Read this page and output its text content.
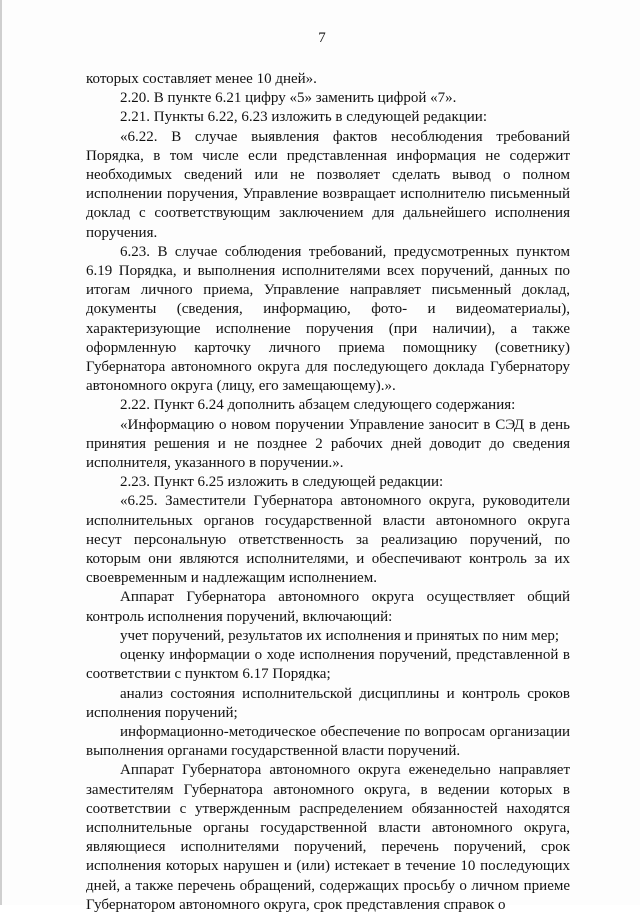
7

которых составляет менее 10 дней».

2.20. В пункте 6.21 цифру «5» заменить цифрой «7».

2.21. Пункты 6.22, 6.23 изложить в следующей редакции:

«6.22. В случае выявления фактов несоблюдения требований Порядка, в том числе если представленная информация не содержит необходимых сведений или не позволяет сделать вывод о полном исполнении поручения, Управление возвращает исполнителю письменный доклад с соответствующим заключением для дальнейшего исполнения поручения.

6.23. В случае соблюдения требований, предусмотренных пунктом 6.19 Порядка, и выполнения исполнителями всех поручений, данных по итогам личного приема, Управление направляет письменный доклад, документы (сведения, информацию, фото- и видеоматериалы), характеризующие исполнение поручения (при наличии), а также оформленную карточку личного приема помощнику (советнику) Губернатора автономного округа для последующего доклада Губернатору автономного округа (лицу, его замещающему).».

2.22. Пункт 6.24 дополнить абзацем следующего содержания:

«Информацию о новом поручении Управление заносит в СЭД в день принятия решения и не позднее 2 рабочих дней доводит до сведения исполнителя, указанного в поручении.».

2.23. Пункт 6.25 изложить в следующей редакции:

«6.25. Заместители Губернатора автономного округа, руководители исполнительных органов государственной власти автономного округа несут персональную ответственность за реализацию поручений, по которым они являются исполнителями, и обеспечивают контроль за их своевременным и надлежащим исполнением.

Аппарат Губернатора автономного округа осуществляет общий контроль исполнения поручений, включающий:

учет поручений, результатов их исполнения и принятых по ним мер;

оценку информации о ходе исполнения поручений, представленной в соответствии с пунктом 6.17 Порядка;

анализ состояния исполнительской дисциплины и контроль сроков исполнения поручений;

информационно-методическое обеспечение по вопросам организации выполнения органами государственной власти поручений.

Аппарат Губернатора автономного округа еженедельно направляет заместителям Губернатора автономного округа, в ведении которых в соответствии с утвержденным распределением обязанностей находятся исполнительные органы государственной власти автономного округа, являющиеся исполнителями поручений, перечень поручений, срок исполнения которых нарушен и (или) истекает в течение 10 последующих дней, а также перечень обращений, содержащих просьбу о личном приеме Губернатором автономного округа, срок представления справок о
